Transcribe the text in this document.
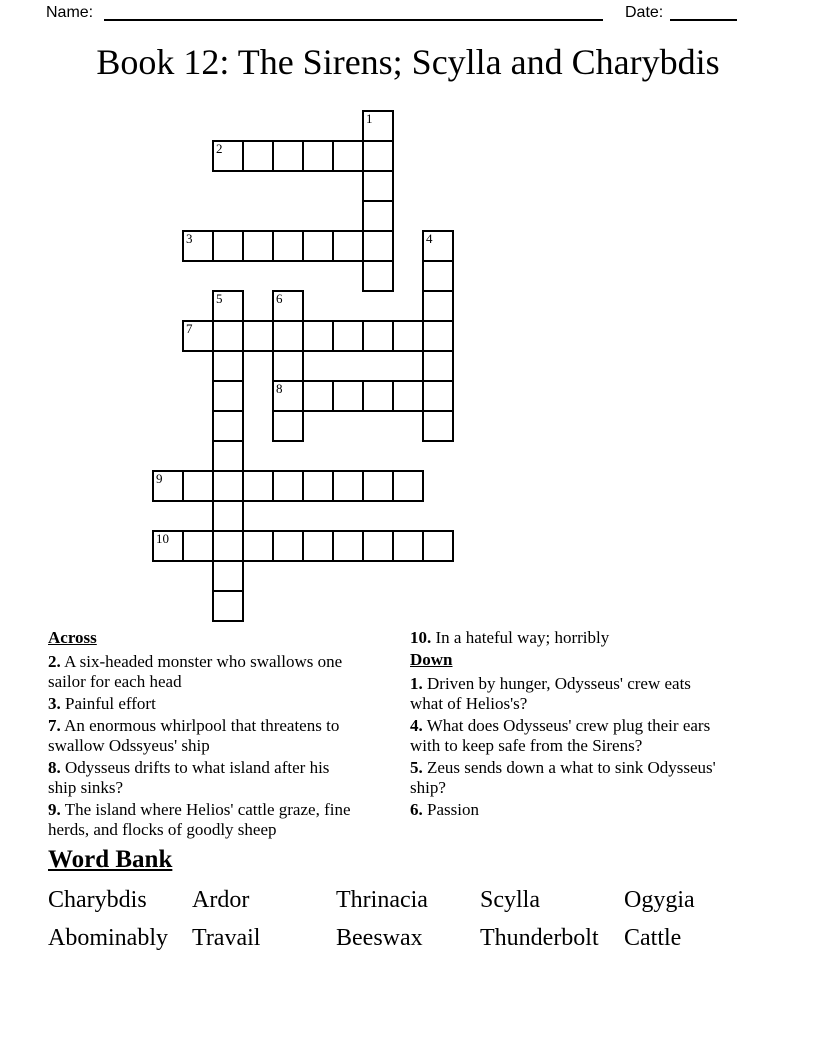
Name:	Date:
Book 12: The Sirens; Scylla and Charybdis
1
2
3	4
5	6
8
7
9
10
Across
2. A six-headed monster who swallows one sailor for each head
3. Painful effort
7. An enormous whirlpool that threatens to swallow Odssyeus' ship
8. Odysseus drifts to what island after his ship sinks?
9. The island where Helios' cattle graze, fine herds, and flocks of goodly sheep
10. In a hateful way; horribly
Down
1. Driven by hunger, Odysseus' crew eats what of Helios's?
4. What does Odysseus' crew plug their ears with to keep safe from the Sirens?
5. Zeus sends down a what to sink Odysseus' ship?
6. Passion
Word Bank
Charybdis	Ardor	Thrinacia	Scylla	Ogygia
Abominably	Travail	Beeswax	Thunderbolt	Cattle
